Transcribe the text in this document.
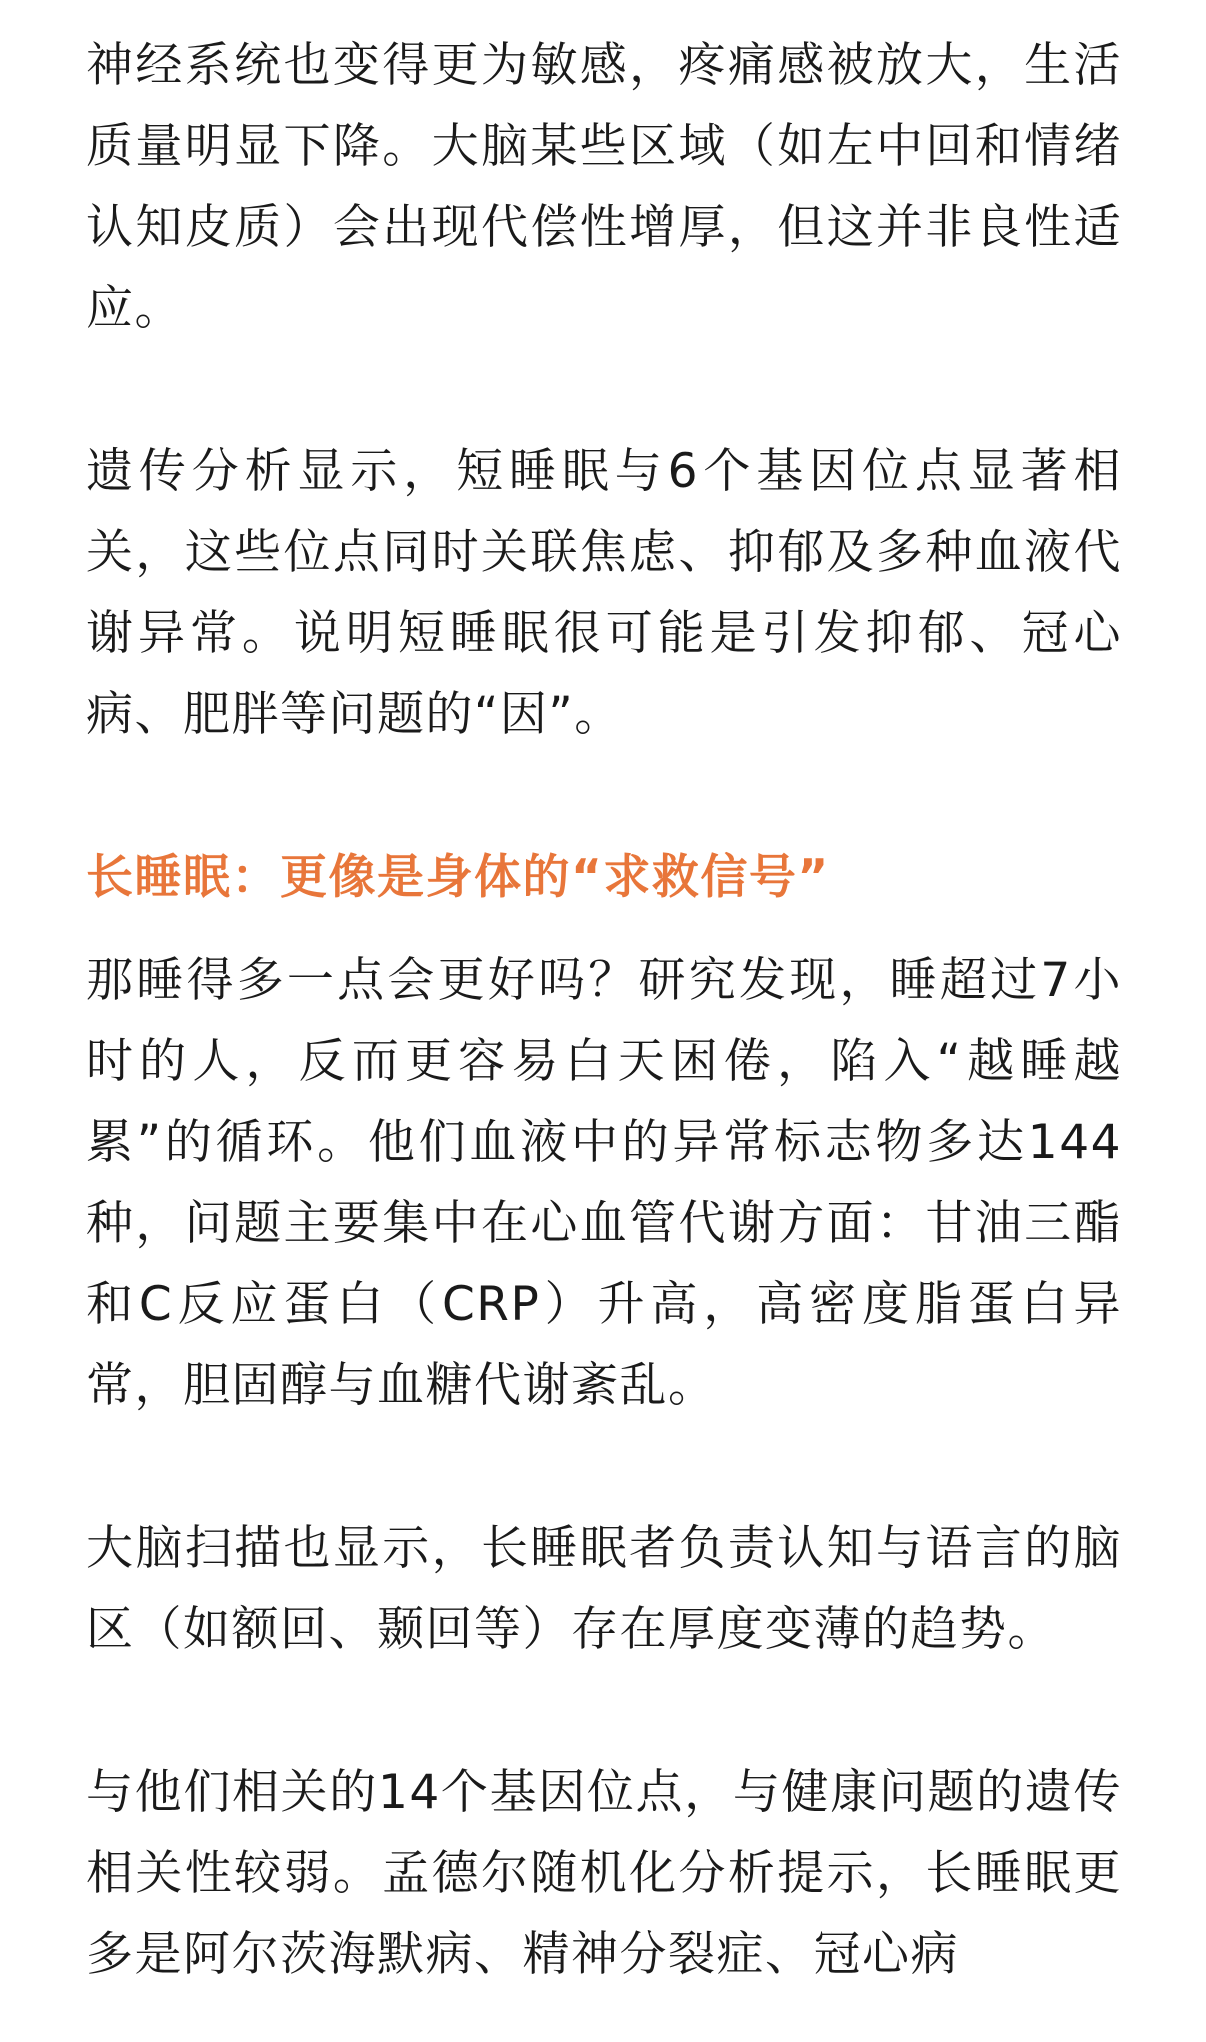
神经系统也变得更为敏感，疼痛感被放大，生活质量明显下降。大脑某些区域（如左中回和情绪认知皮质）会出现代偿性增厚，但这并非良性适应。

遗传分析显示，短睡眠与6个基因位点显著相关，这些位点同时关联焦虑、抑郁及多种血液代谢异常。说明短睡眠很可能是引发抑郁、冠心病、肥胖等问题的“因”。

长睡眠：更像是身体的“求救信号”

那睡得多一点会更好吗？研究发现，睡超过7小时的人，反而更容易白天困倦，陷入“越睡越累”的循环。他们血液中的异常标志物多达144种，问题主要集中在心血管代谢方面：甘油三酯和C反应蛋白（CRP）升高，高密度脂蛋白异常，胆固醇与血糖代谢紊乱。

大脑扫描也显示，长睡眠者负责认知与语言的脑区（如额回、颞回等）存在厚度变薄的趋势。

与他们相关的14个基因位点，与健康问题的遗传相关性较弱。孟德尔随机化分析提示，长睡眠更多是阿尔茨海默病、精神分裂症、冠心病
